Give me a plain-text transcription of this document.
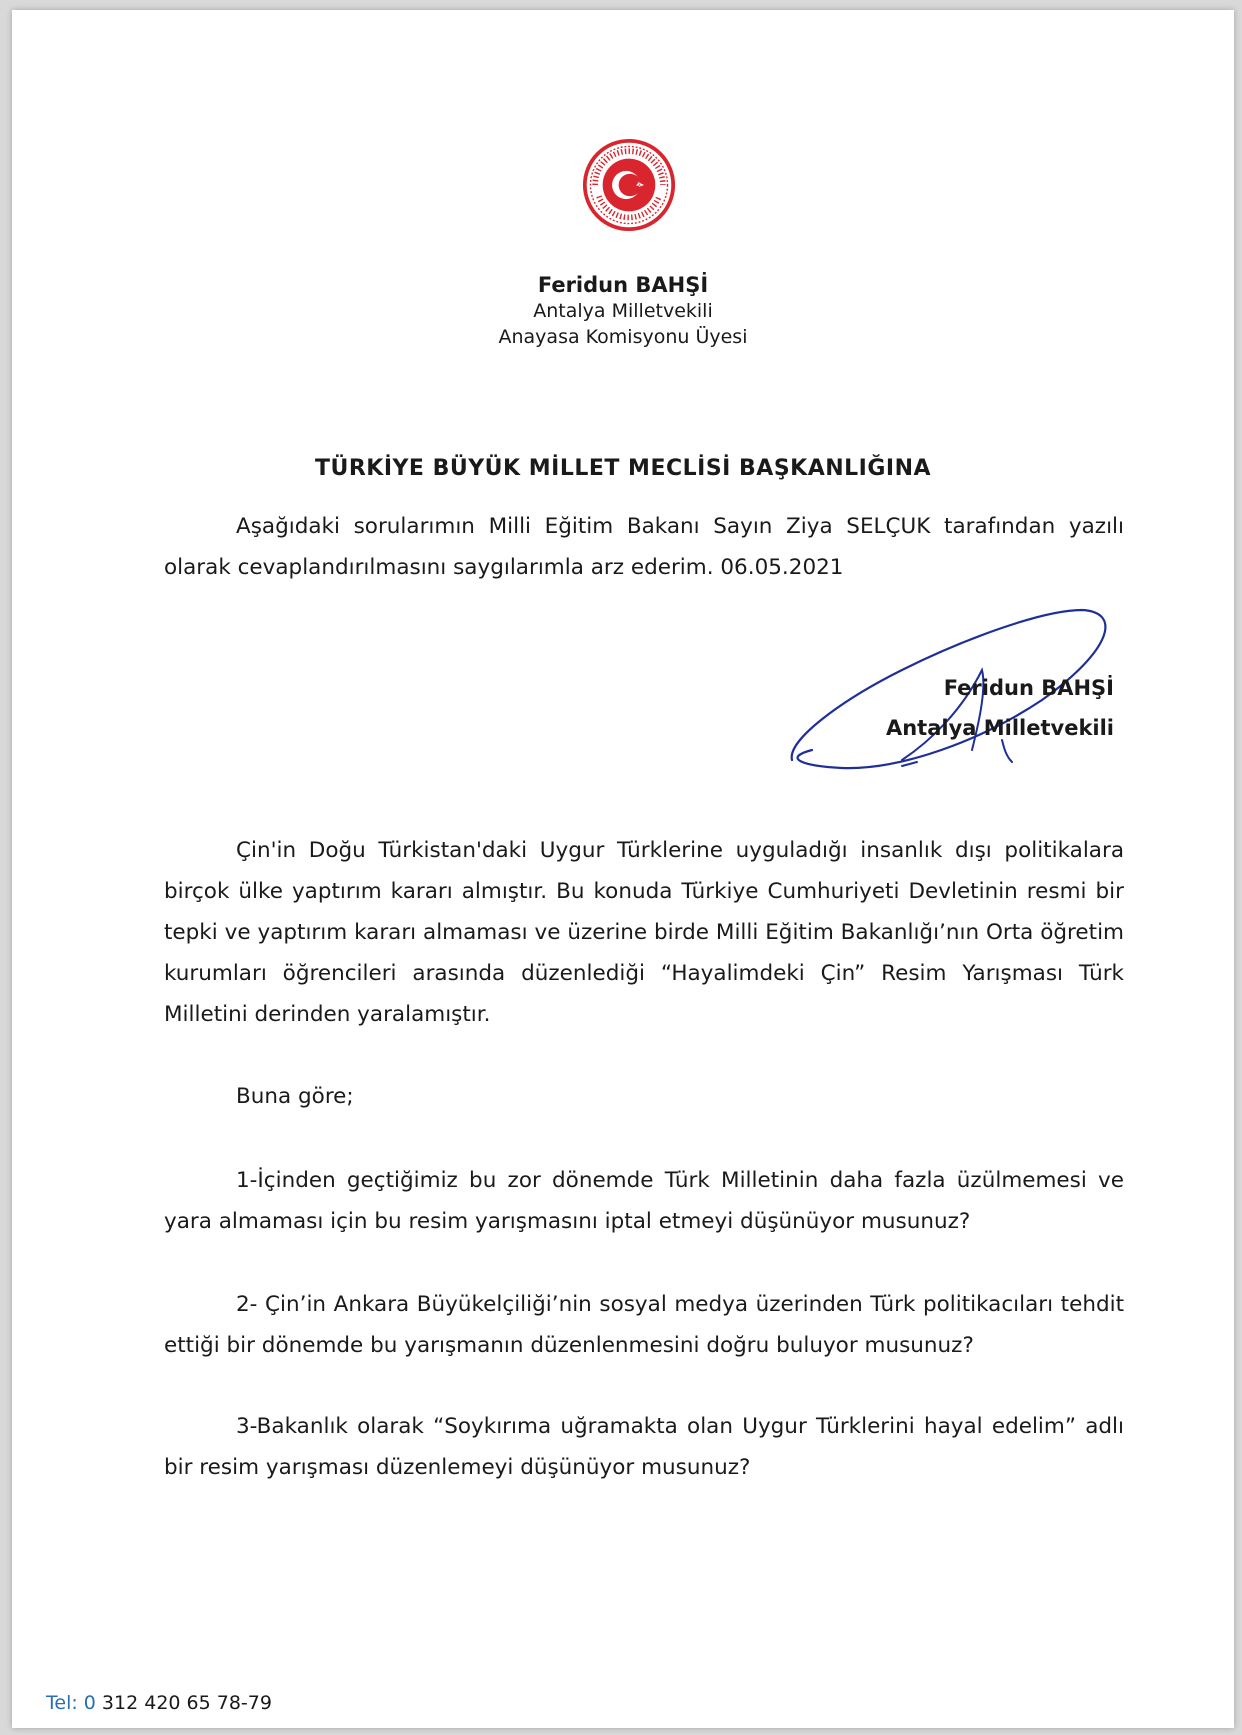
Feridun BAHŞİ
Antalya Milletvekili
Anayasa Komisyonu Üyesi
TÜRKİYE BÜYÜK MİLLET MECLİSİ BAŞKANLIĞINA
Aşağıdaki sorularımın Milli Eğitim Bakanı Sayın Ziya SELÇUK tarafından yazılı olarak cevaplandırılmasını saygılarımla arz ederim. 06.05.2021
Feridun BAHŞİ
Antalya Milletvekili
Çin'in Doğu Türkistan'daki Uygur Türklerine uyguladığı insanlık dışı politikalara birçok ülke yaptırım kararı almıştır. Bu konuda Türkiye Cumhuriyeti Devletinin resmi bir tepki ve yaptırım kararı almaması ve üzerine birde Milli Eğitim Bakanlığı’nın Orta öğretim kurumları öğrencileri arasında düzenlediği “Hayalimdeki Çin” Resim Yarışması Türk Milletini derinden yaralamıştır.
Buna göre;
1-İçinden geçtiğimiz bu zor dönemde Türk Milletinin daha fazla üzülmemesi ve yara almaması için bu resim yarışmasını iptal etmeyi düşünüyor musunuz?
2- Çin’in Ankara Büyükelçiliği’nin sosyal medya üzerinden Türk politikacıları tehdit ettiği bir dönemde bu yarışmanın düzenlenmesini doğru buluyor musunuz?
3-Bakanlık olarak “Soykırıma uğramakta olan Uygur Türklerini hayal edelim” adlı bir resim yarışması düzenlemeyi düşünüyor musunuz?
Tel: 0 312 420 65 78-79
